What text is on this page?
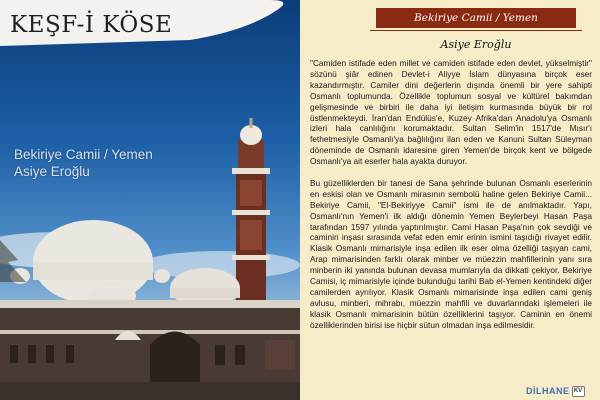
KEŞF-İ KÖSE
Bekiriye Camii / Yemen
Asiye Eroğlu
Bekiriye Camii / Yemen
Asiye Eroğlu

"Camiden istifade eden millet ve camiden istifade eden devlet, yükselmiştir" sözünü şiâr edinen Devlet-i Aliyye İslam dünyasına birçok eser kazandırmıştır. Camiler dini değerlerin dışında önemli bir yere sahipti Osmanlı toplumunda. Özellikle toplumun sosyal ve kültürel bakımdan gelişmesinde ve birbiri ile daha iyi iletişim kurmasında büyük bir rol üstlenmekteydi. İran'dan Endülüs'e, Kuzey Afrika'dan Anadolu'ya Osmanlı izleri hala canlılığını korumaktadır. Sultan Selim'in 1517'de Mısır'ı fethetmesiyle Osmanlı'ya bağlılığını ilan eden ve Kanuni Sultan Süleyman döneminde de Osmanlı idaresine giren Yemen'de birçok kent ve bölgede Osmanlı'ya ait eserler hala ayakta duruyor.

Bu güzelliklerden bir tanesi de Sana şehrinde bulunan Osmanlı eserlerinin en eskisi olan ve Osmanlı mirasının sembolü haline gelen Bekiriye Camii... Bekiriye Camii, "El-Bekiriyye Camii" ismi ile de anılmaktadır. Yapı, Osmanlı'nın Yemen'i ilk aldığı dönemin Yemen Beylerbeyi Hasan Paşa tarafından 1597 yılında yaptırılmıştır. Cami Hasan Paşa'nın çok sevdiği ve caminin inşası sırasında vefat eden emir erinin ismini taşıdığı rivayet edilir. Klasik Osmanlı mimarisiyle inşa edilen ilk eser olma özelliği taşıyan cami, Arap mimarisinden farklı olarak minber ve müezzin mahfillerinin yanı sıra minberin iki yanında bulunan devasa mumlarıyla da dikkati çekiyor. Bekiriye Camisi, iç mimarisiyle içinde bulunduğu tarihi Bab el-Yemen kentindeki diğer camilerden ayrılıyor. Klasik Osmanlı mimarisinde inşa edilen cami geniş avlusu, minberi, mihrabı, müezzin mahfili ve duvarlarındaki işlemeleri ile klasik Osmanlı mimarisinin bütün özelliklerini taşıyor. Caminin en önemi özelliklerinden birisi ise hiçbir sütun olmadan inşa edilmesidir.

DİLHANE KV
